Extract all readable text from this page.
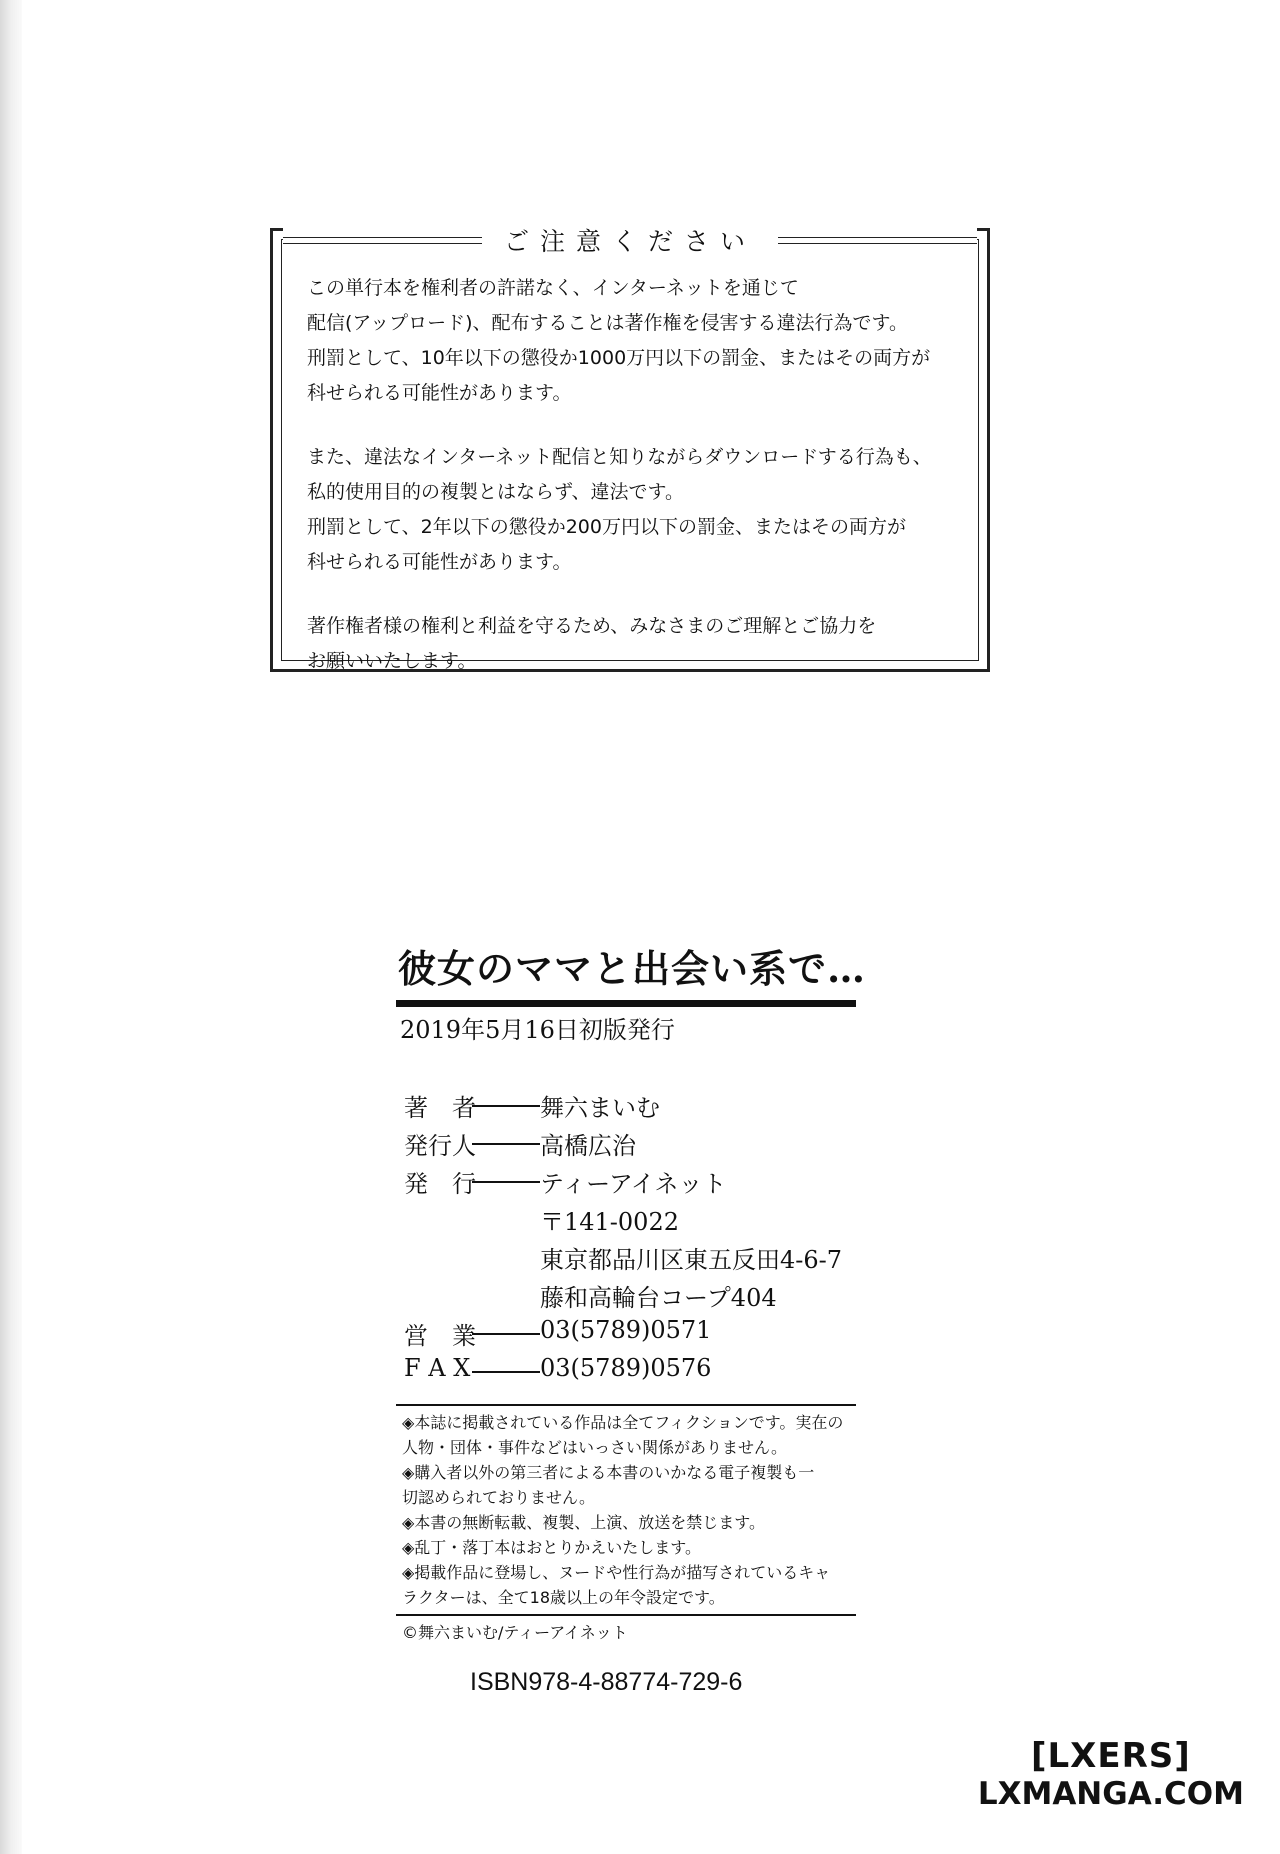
ご注意ください
この単行本を権利者の許諾なく、インターネットを通じて
配信(アップロード)、配布することは著作権を侵害する違法行為です。
刑罰として、10年以下の懲役か1000万円以下の罰金、またはその両方が
科せられる可能性があります。
また、違法なインターネット配信と知りながらダウンロードする行為も、
私的使用目的の複製とはならず、違法です。
刑罰として、2年以下の懲役か200万円以下の罰金、またはその両方が
科せられる可能性があります。
著作権者様の権利と利益を守るため、みなさまのご理解とご協力を
お願いいたします。
彼女のママと出会い系で…
2019年5月16日初版発行
著　者	舞六まいむ
発行人	高橋広治
発　行	ティーアイネット
〒141-0022
東京都品川区東五反田4-6-7
藤和高輪台コープ404
営　業	03(5789)0571
F A X	03(5789)0576
◈本誌に掲載されている作品は全てフィクションです。実在の
人物・団体・事件などはいっさい関係がありません。
◈購入者以外の第三者による本書のいかなる電子複製も一
切認められておりません。
◈本書の無断転載、複製、上演、放送を禁じます。
◈乱丁・落丁本はおとりかえいたします。
◈掲載作品に登場し、ヌードや性行為が描写されているキャ
ラクターは、全て18歳以上の年令設定です。
©舞六まいむ/ティーアイネット
ISBN978-4-88774-729-6
[LXERS]
LXMANGA.COM
